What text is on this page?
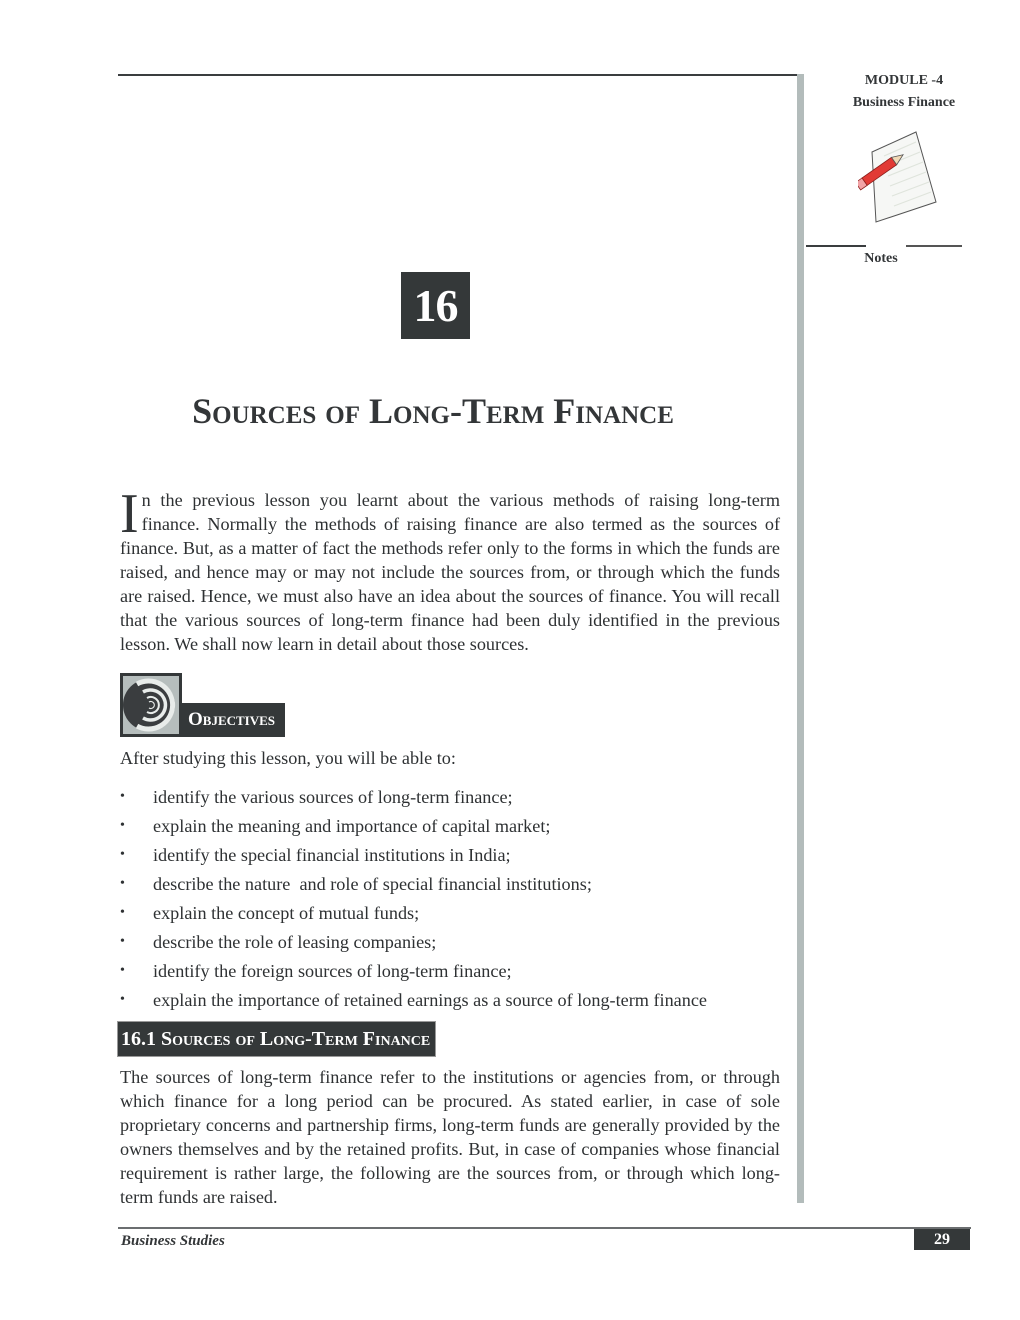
MODULE -4
Business Finance
Notes
16
Sources of Long-Term Finance
In the previous lesson you learnt about the various methods of raising long-term finance. Normally the methods of raising finance are also termed as the sources of finance. But, as a matter of fact the methods refer only to the forms in which the funds are raised, and hence may or may not include the sources from, or through which the funds are raised. Hence, we must also have an idea about the sources of finance. You will recall that the various sources of long-term finance had been duly identified in the previous lesson. We shall now learn in detail about those sources.
Objectives
After studying this lesson, you will be able to:
• identify the various sources of long-term finance;
• explain the meaning and importance of capital market;
• identify the special financial institutions in India;
• describe the nature  and role of special financial institutions;
• explain the concept of mutual funds;
• describe the role of leasing companies;
• identify the foreign sources of long-term finance;
• explain the importance of retained earnings as a source of long-term finance
16.1 Sources of Long-Term Finance
The sources of long-term finance refer to the institutions or agencies from, or through which finance for a long period can be procured. As stated earlier, in case of sole proprietary concerns and partnership firms, long-term funds are generally provided by the owners themselves and by the retained profits. But, in case of companies whose financial requirement is rather large, the following are the sources from, or through which long-term funds are raised.
Business Studies	29
